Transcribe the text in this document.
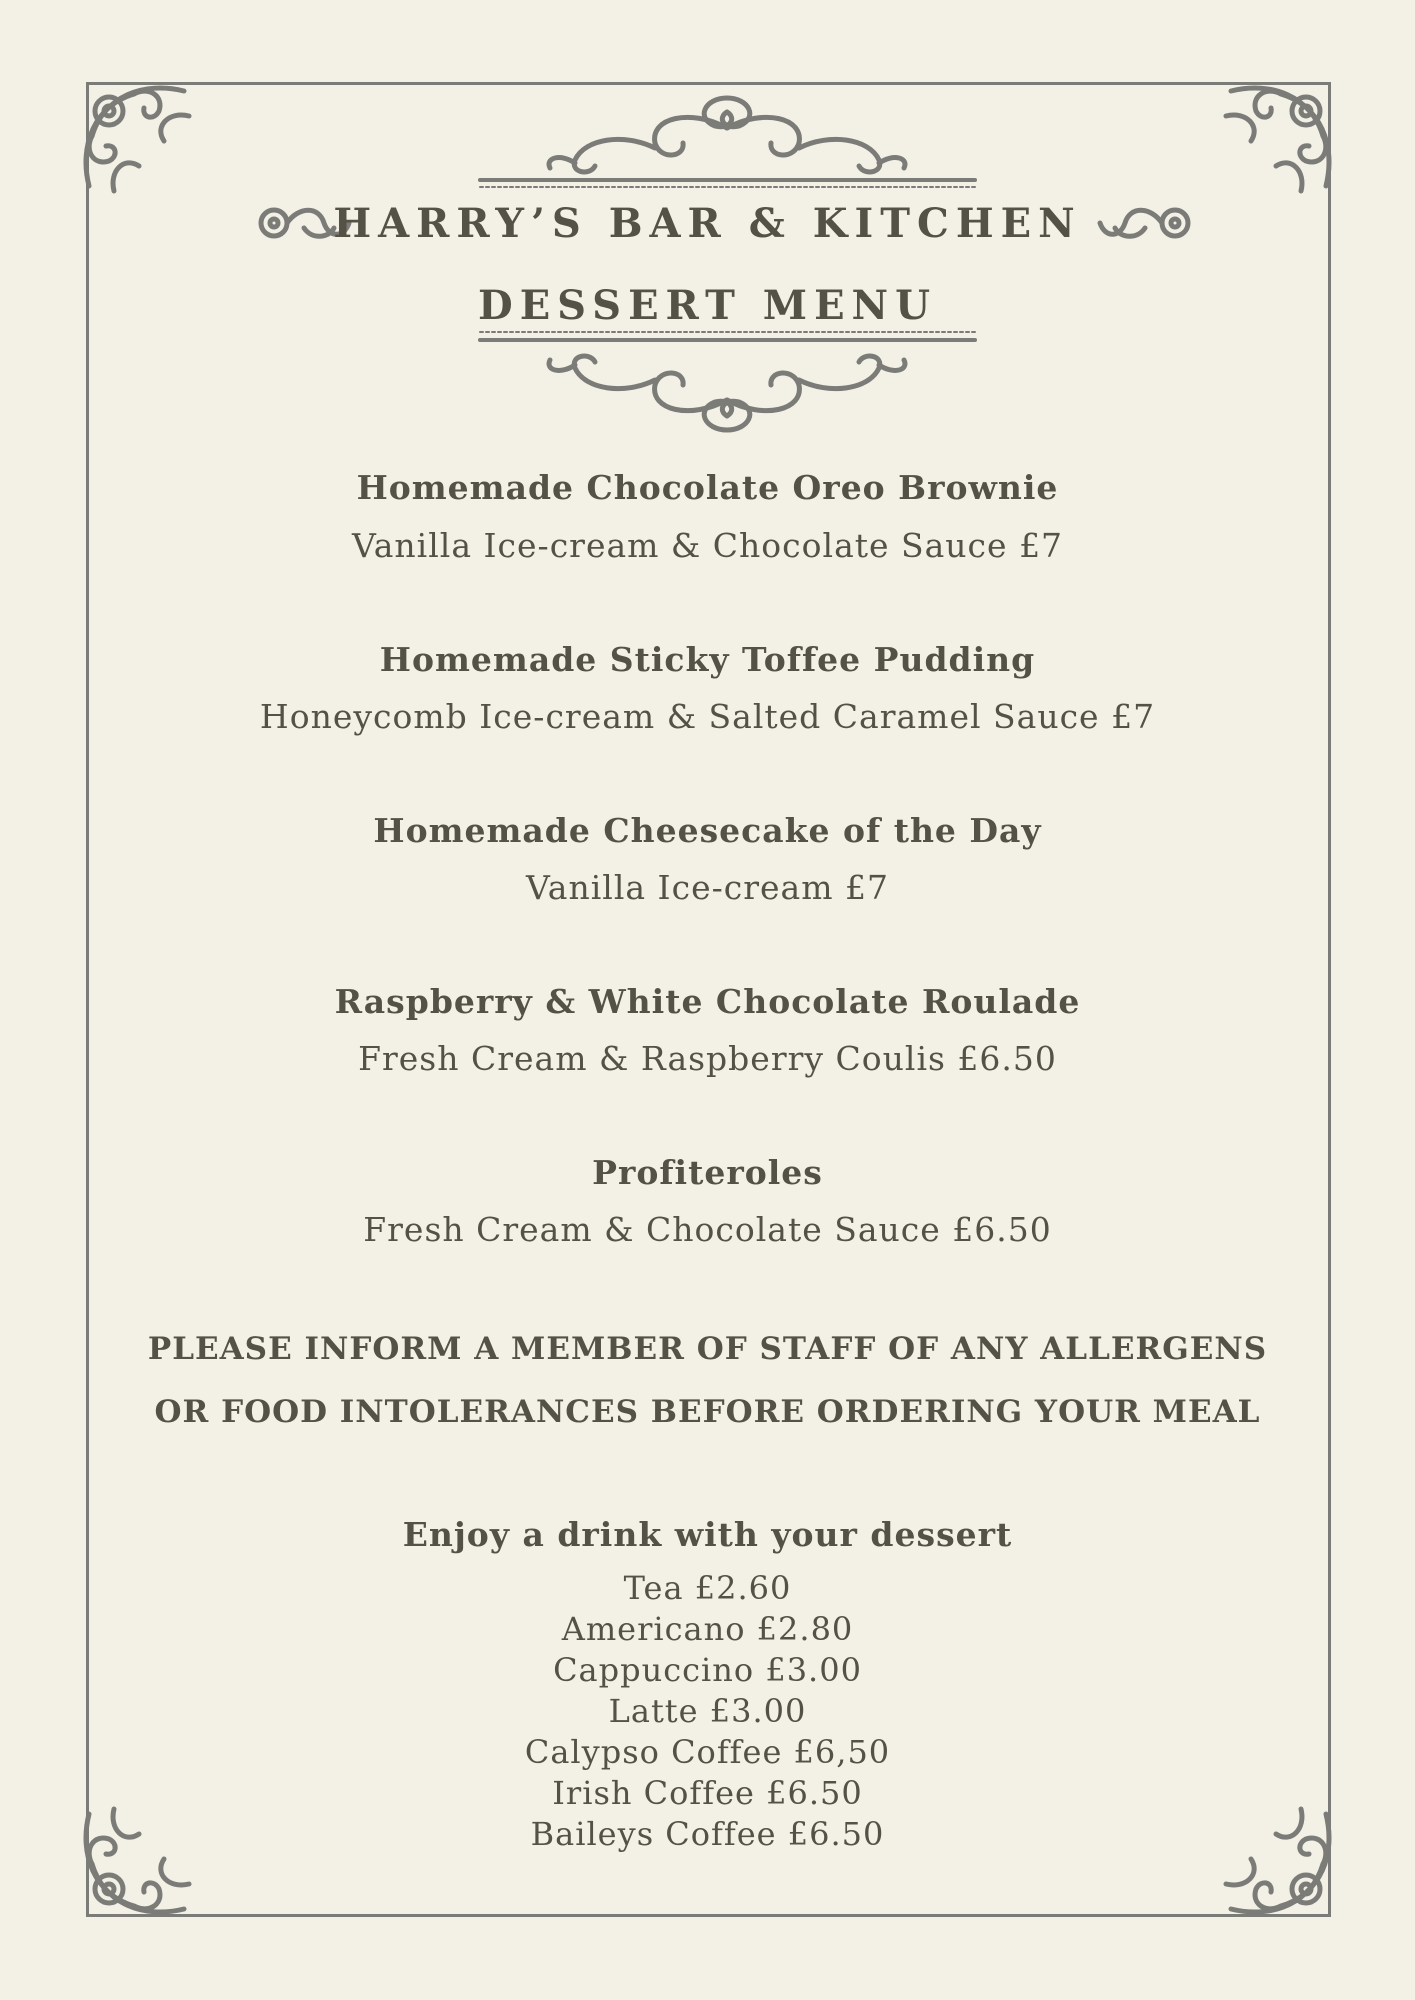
HARRY’S BAR & KITCHEN
DESSERT MENU
Homemade Chocolate Oreo Brownie
Vanilla Ice-cream & Chocolate Sauce £7
Homemade Sticky Toffee Pudding
Honeycomb Ice-cream & Salted Caramel Sauce £7
Homemade Cheesecake of the Day
Vanilla Ice-cream £7
Raspberry & White Chocolate Roulade
Fresh Cream & Raspberry Coulis £6.50
Profiteroles
Fresh Cream & Chocolate Sauce £6.50
PLEASE INFORM A MEMBER OF STAFF OF ANY ALLERGENS
OR FOOD INTOLERANCES BEFORE ORDERING YOUR MEAL
Enjoy a drink with your dessert
Tea £2.60
Americano £2.80
Cappuccino £3.00
Latte £3.00
Calypso Coffee £6,50
Irish Coffee £6.50
Baileys Coffee £6.50
